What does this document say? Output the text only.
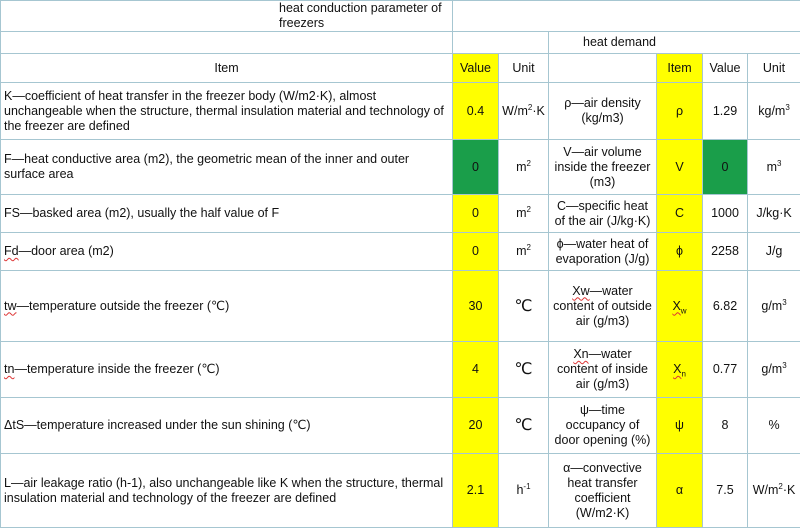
heat conduction parameter of freezers						
			heat demand			
Item	Value	Unit		Item	Value	Unit
K—coefficient of heat transfer in the freezer body (W/m2·K), almost unchangeable when the structure, thermal insulation material and technology of the freezer are defined	0.4	$W/m^2\cdot K$	ρ—air density (kg/m3)	ρ	1.29	$kg/m^3$
F—heat conductive area (m2), the geometric mean of the inner and outer surface area	0	$m^2$	V—air volume inside the freezer (m3)	V	0	$m^3$
FS—basked area (m2), usually the half value of F	0	$m^2$	C—specific heat of the air (J/kg·K)	C	1000	J/kg·K
Fd—door area (m2)	0	$m^2$	ϕ—water heat of evaporation (J/g)	ϕ	2258	J/g
tw—temperature outside the freezer (℃)	30	℃	Xw—water content of outside air (g/m3)	$X_w$	6.82	$g/m^3$
tn—temperature inside the freezer (℃)	4	℃	Xn—water content of inside air (g/m3)	$X_n$	0.77	$g/m^3$
ΔtS—temperature increased under the sun shining (℃)	20	℃	ψ—time occupancy of door opening (%)	ψ	8	%
L—air leakage ratio (h-1), also unchangeable like K when the structure, thermal insulation material and technology of the freezer are defined	2.1	$h^{-1}$	α—convective heat transfer coefficient (W/m2·K)	α	7.5	$W/m^2\cdot K$
